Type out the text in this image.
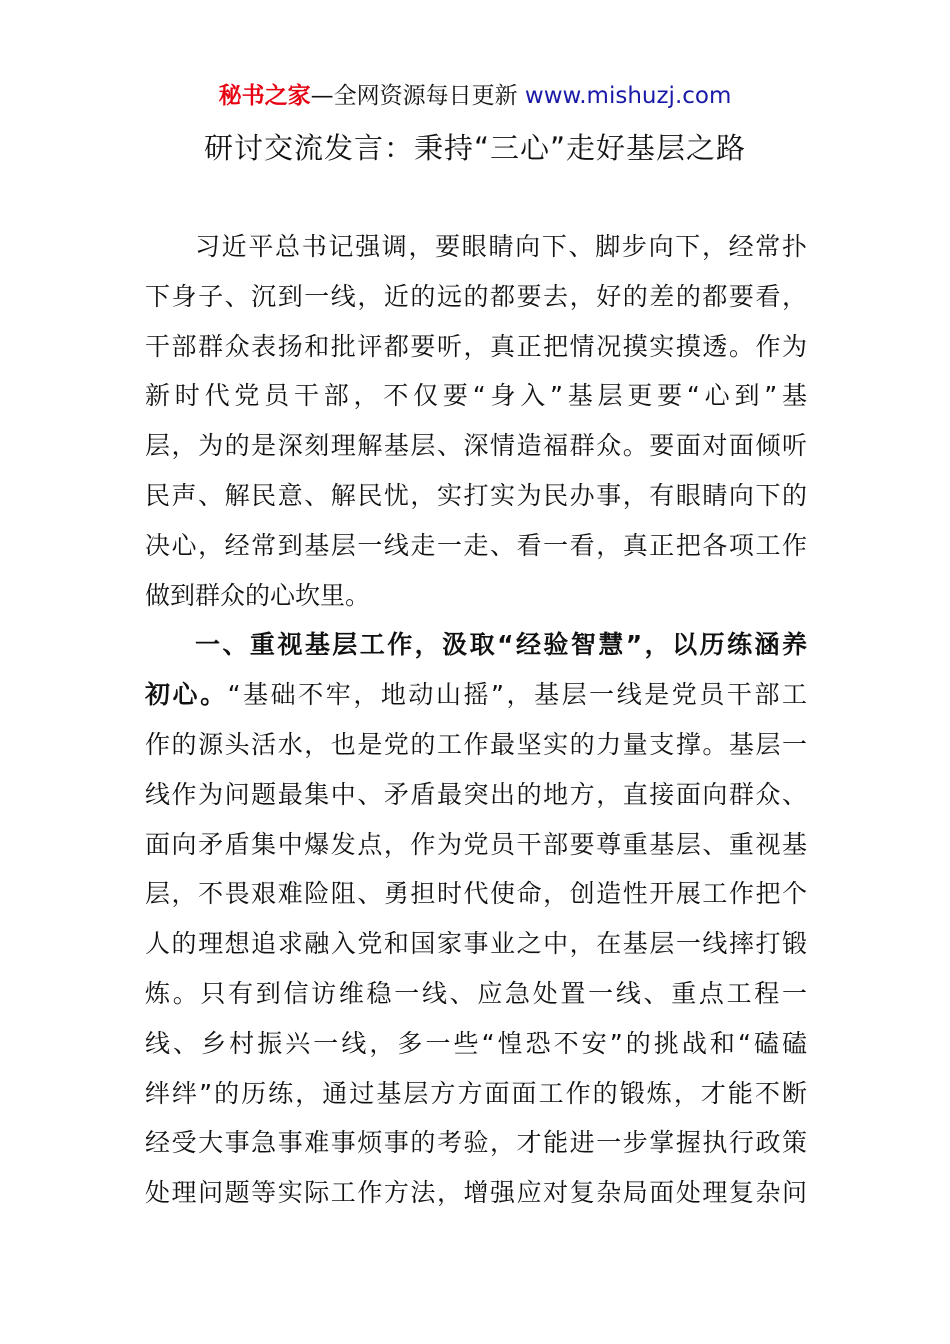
秘书之家—全网资源每日更新 www.mishuzj.com
研讨交流发言：秉持“三心”走好基层之路
习近平总书记强调，要眼睛向下、脚步向下，经常扑
下身子、沉到一线，近的远的都要去，好的差的都要看，
干部群众表扬和批评都要听，真正把情况摸实摸透。作为
新时代党员干部，不仅要“身入”基层更要“心到”基
层，为的是深刻理解基层、深情造福群众。要面对面倾听
民声、解民意、解民忧，实打实为民办事，有眼睛向下的
决心，经常到基层一线走一走、看一看，真正把各项工作
做到群众的心坎里。
一、重视基层工作，汲取“经验智慧”，以历练涵养
初心。“基础不牢，地动山摇”，基层一线是党员干部工
作的源头活水，也是党的工作最坚实的力量支撑。基层一
线作为问题最集中、矛盾最突出的地方，直接面向群众、
面向矛盾集中爆发点，作为党员干部要尊重基层、重视基
层，不畏艰难险阻、勇担时代使命，创造性开展工作把个
人的理想追求融入党和国家事业之中，在基层一线摔打锻
炼。只有到信访维稳一线、应急处置一线、重点工程一
线、乡村振兴一线，多一些“惶恐不安”的挑战和“磕磕
绊绊”的历练，通过基层方方面面工作的锻炼，才能不断
经受大事急事难事烦事的考验，才能进一步掌握执行政策
处理问题等实际工作方法，增强应对复杂局面处理复杂问
